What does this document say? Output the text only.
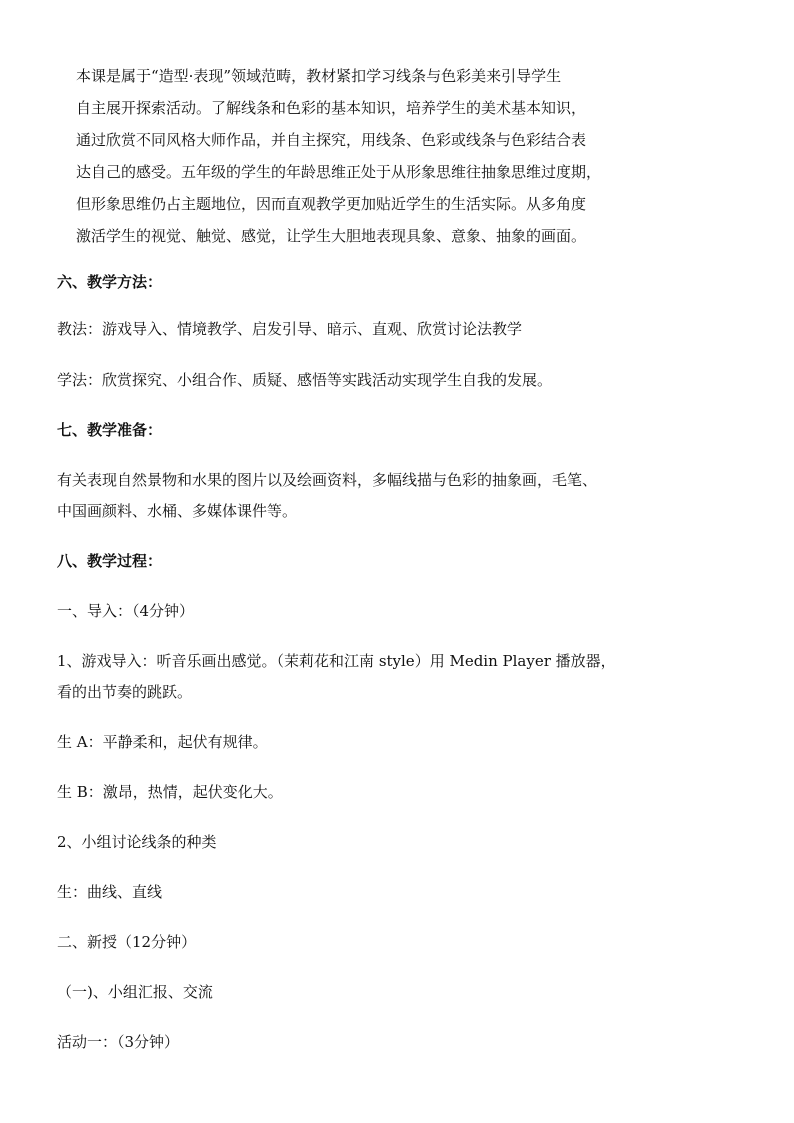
本课是属于“造型·表现”领域范畴，教材紧扣学习线条与色彩美来引导学生
自主展开探索活动。了解线条和色彩的基本知识，培养学生的美术基本知识，
通过欣赏不同风格大师作品，并自主探究，用线条、色彩或线条与色彩结合表
达自己的感受。五年级的学生的年龄思维正处于从形象思维往抽象思维过度期，
但形象思维仍占主题地位，因而直观教学更加贴近学生的生活实际。从多角度
激活学生的视觉、触觉、感觉，让学生大胆地表现具象、意象、抽象的画面。
六、教学方法：
教法：游戏导入、情境教学、启发引导、暗示、直观、欣赏讨论法教学
学法：欣赏探究、小组合作、质疑、感悟等实践活动实现学生自我的发展。
七、教学准备：
有关表现自然景物和水果的图片以及绘画资料，多幅线描与色彩的抽象画，毛笔、
中国画颜料、水桶、多媒体课件等。
八、教学过程：
一、导入：（4分钟）
1、游戏导入：听音乐画出感觉。（茉莉花和江南 style）用 Medin Player 播放器，
看的出节奏的跳跃。
生 A：平静柔和，起伏有规律。
生 B：激昂，热情，起伏变化大。
2、小组讨论线条的种类
生：曲线、直线
二、新授（12分钟）
（一)、小组汇报、交流
活动一：（3分钟）
